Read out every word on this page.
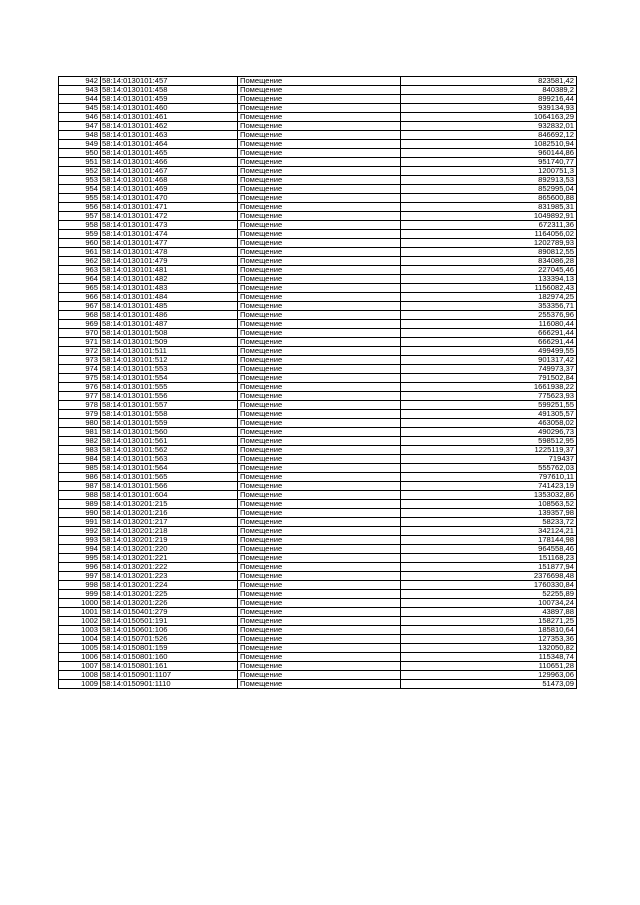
942	58:14:0130101:457	Помещение	823581,42
943	58:14:0130101:458	Помещение	840389,2
944	58:14:0130101:459	Помещение	899216,44
945	58:14:0130101:460	Помещение	939134,93
946	58:14:0130101:461	Помещение	1064163,29
947	58:14:0130101:462	Помещение	932832,01
948	58:14:0130101:463	Помещение	846692,12
949	58:14:0130101:464	Помещение	1082510,94
950	58:14:0130101:465	Помещение	960144,86
951	58:14:0130101:466	Помещение	951740,77
952	58:14:0130101:467	Помещение	1200751,3
953	58:14:0130101:468	Помещение	892913,53
954	58:14:0130101:469	Помещение	852995,04
955	58:14:0130101:470	Помещение	865600,88
956	58:14:0130101:471	Помещение	831985,31
957	58:14:0130101:472	Помещение	1049892,91
958	58:14:0130101:473	Помещение	672311,36
959	58:14:0130101:474	Помещение	1164056,02
960	58:14:0130101:477	Помещение	1202789,93
961	58:14:0130101:478	Помещение	890812,55
962	58:14:0130101:479	Помещение	834086,28
963	58:14:0130101:481	Помещение	227045,46
964	58:14:0130101:482	Помещение	133394,13
965	58:14:0130101:483	Помещение	1156082,43
966	58:14:0130101:484	Помещение	182974,25
967	58:14:0130101:485	Помещение	353356,71
968	58:14:0130101:486	Помещение	255376,96
969	58:14:0130101:487	Помещение	116080,44
970	58:14:0130101:508	Помещение	666291,44
971	58:14:0130101:509	Помещение	666291,44
972	58:14:0130101:511	Помещение	499499,55
973	58:14:0130101:512	Помещение	901317,42
974	58:14:0130101:553	Помещение	749973,37
975	58:14:0130101:554	Помещение	791502,84
976	58:14:0130101:555	Помещение	1661938,22
977	58:14:0130101:556	Помещение	775623,93
978	58:14:0130101:557	Помещение	599251,55
979	58:14:0130101:558	Помещение	491305,57
980	58:14:0130101:559	Помещение	463058,02
981	58:14:0130101:560	Помещение	490296,73
982	58:14:0130101:561	Помещение	598512,95
983	58:14:0130101:562	Помещение	1225119,37
984	58:14:0130101:563	Помещение	719437
985	58:14:0130101:564	Помещение	555762,03
986	58:14:0130101:565	Помещение	797610,11
987	58:14:0130101:566	Помещение	741423,19
988	58:14:0130101:604	Помещение	1353032,86
989	58:14:0130201:215	Помещение	108563,52
990	58:14:0130201:216	Помещение	139357,98
991	58:14:0130201:217	Помещение	58233,72
992	58:14:0130201:218	Помещение	342124,21
993	58:14:0130201:219	Помещение	178144,98
994	58:14:0130201:220	Помещение	964558,46
995	58:14:0130201:221	Помещение	151168,23
996	58:14:0130201:222	Помещение	151877,94
997	58:14:0130201:223	Помещение	2376698,48
998	58:14:0130201:224	Помещение	1760330,84
999	58:14:0130201:225	Помещение	52255,89
1000	58:14:0130201:226	Помещение	100734,24
1001	58:14:0150401:279	Помещение	43897,88
1002	58:14:0150501:191	Помещение	158271,25
1003	58:14:0150601:106	Помещение	185810,64
1004	58:14:0150701:526	Помещение	127353,36
1005	58:14:0150801:159	Помещение	132050,82
1006	58:14:0150801:160	Помещение	115348,74
1007	58:14:0150801:161	Помещение	110651,28
1008	58:14:0150901:1107	Помещение	129963,06
1009	58:14:0150901:1110	Помещение	51473,09
